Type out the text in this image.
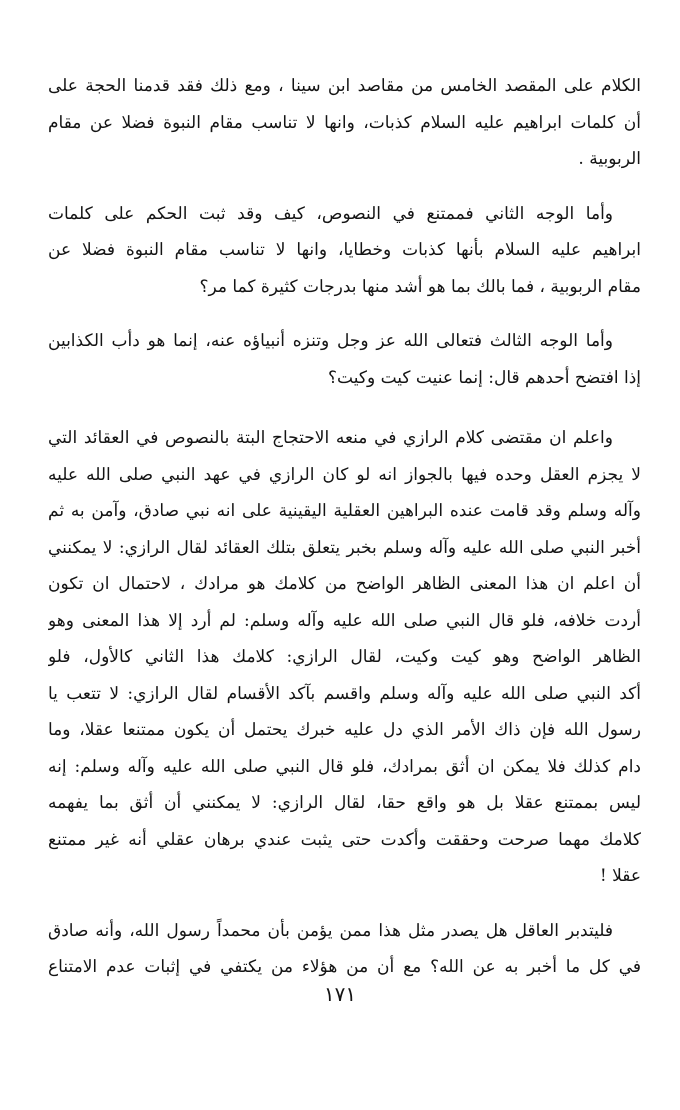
الكلام على المقصد الخامس من مقاصد ابن سينا ، ومع ذلك فقد قدمنا الحجة على
أن كلمات ابراهيم عليه السلام كذبات، وانها لا تناسب مقام النبوة فضلا عن مقام
الربوبية .
وأما الوجه الثاني فممتنع في النصوص، كيف وقد ثبت الحكم على كلمات
ابراهيم عليه السلام بأنها كذبات وخطايا، وانها لا تناسب مقام النبوة فضلا عن
مقام الربوبية ، فما بالك بما هو أشد منها بدرجات كثيرة كما مر؟
وأما الوجه الثالث فتعالى الله عز وجل وتنزه أنبياؤه عنه، إنما هو دأب الكذابين
إذا افتضح أحدهم قال: إنما عنيت كيت وكيت؟
واعلم ان مقتضى كلام الرازي في منعه الاحتجاج البتة بالنصوص في العقائد التي
لا يجزم العقل وحده فيها بالجواز انه لو كان الرازي في عهد النبي صلى الله عليه
وآله وسلم وقد قامت عنده البراهين العقلية اليقينية على انه نبي صادق، وآمن به ثم
أخبر النبي صلى الله عليه وآله وسلم بخبر يتعلق بتلك العقائد لقال الرازي: لا يمكنني
أن اعلم ان هذا المعنى الظاهر الواضح من كلامك هو مرادك ، لاحتمال ان تكون
أردت خلافه، فلو قال النبي صلى الله عليه وآله وسلم: لم أرد إلا هذا المعنى وهو
الظاهر الواضح وهو كيت وكيت، لقال الرازي: كلامك هذا الثاني كالأول، فلو
أكد النبي صلى الله عليه وآله وسلم واقسم بآكد الأقسام لقال الرازي: لا تتعب يا
رسول الله فإن ذاك الأمر الذي دل عليه خبرك يحتمل أن يكون ممتنعا عقلا، وما
دام كذلك فلا يمكن ان أثق بمرادك، فلو قال النبي صلى الله عليه وآله وسلم: إنه
ليس بممتنع عقلا بل هو واقع حقا، لقال الرازي: لا يمكنني أن أثق بما يفهمه
كلامك مهما صرحت وحققت وأكدت حتى يثبت عندي برهان عقلي أنه غير ممتنع
عقلا !
فليتدبر العاقل هل يصدر مثل هذا ممن يؤمن بأن محمداً رسول الله، وأنه صادق
في كل ما أخبر به عن الله؟ مع أن من هؤلاء من يكتفي في إثبات عدم الامتناع
١٧١
